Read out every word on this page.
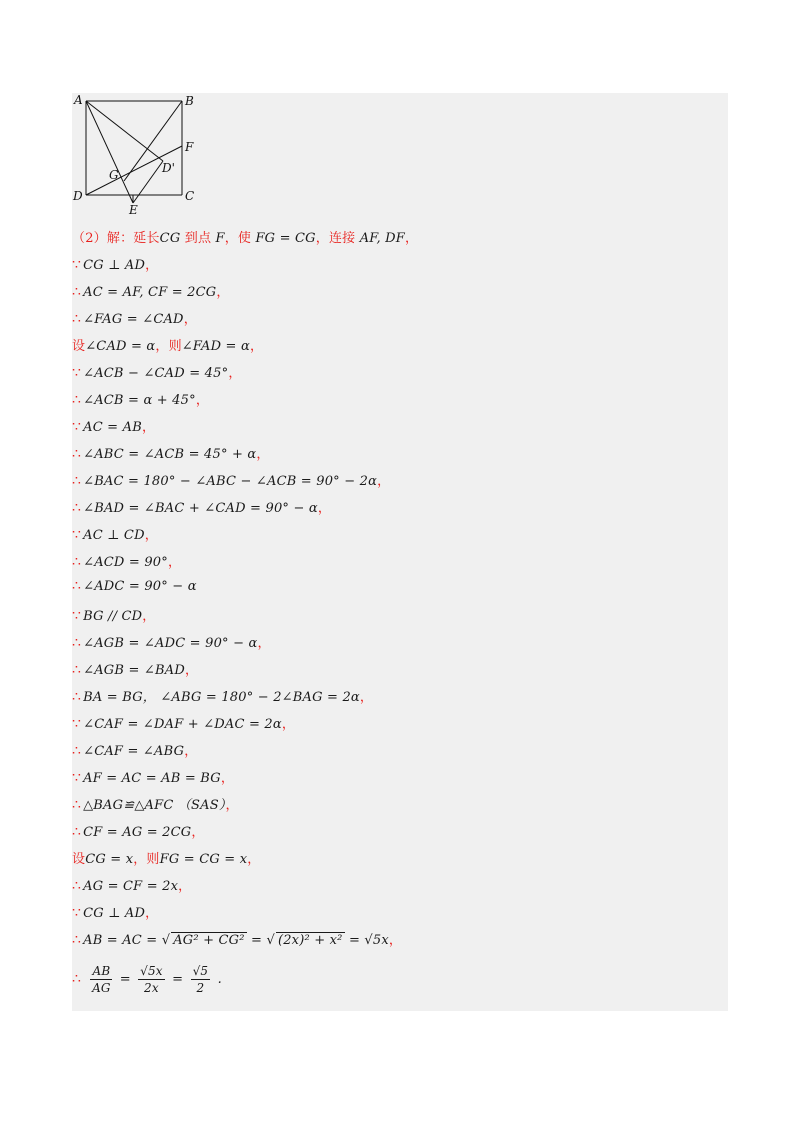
A	B
F
D'
G
D	C
E
（2）解：延长CG 到点 F，使 FG = CG，连接 AF, DF，
∵ CG ⊥ AD，
∴ AC = AF, CF = 2CG，
∴ ∠FAG = ∠CAD，
设∠CAD = α，则∠FAD = α，
∵ ∠ACB − ∠CAD = 45°，
∴ ∠ACB = α + 45°，
∵ AC = AB，
∴ ∠ABC = ∠ACB = 45° + α，
∴ ∠BAC = 180° − ∠ABC − ∠ACB = 90° − 2α，
∴ ∠BAD = ∠BAC + ∠CAD = 90° − α，
∵ AC ⊥ CD，
∴ ∠ACD = 90°，
∴ ∠ADC = 90° − α
∵ BG // CD，
∴ ∠AGB = ∠ADC = 90° − α，
∴ ∠AGB = ∠BAD，
∴ BA = BG， ∠ABG = 180° − 2∠BAG = 2α，
∵ ∠CAF = ∠DAF + ∠DAC = 2α，
∴ ∠CAF = ∠ABG，
∵ AF = AC = AB = BG，
∴ △BAG≌△AFC （SAS），
∴ CF = AG = 2CG，
设CG = x，则FG = CG = x，
∴ AG = CF = 2x，
∵ CG ⊥ AD，
∴ AB = AC = √ AG² + CG² = √ (2x)² + x² = √5x，
∴ $\frac{AB}{AG} = \frac{√5x}{2x} = \frac{√5}{2}$ .
